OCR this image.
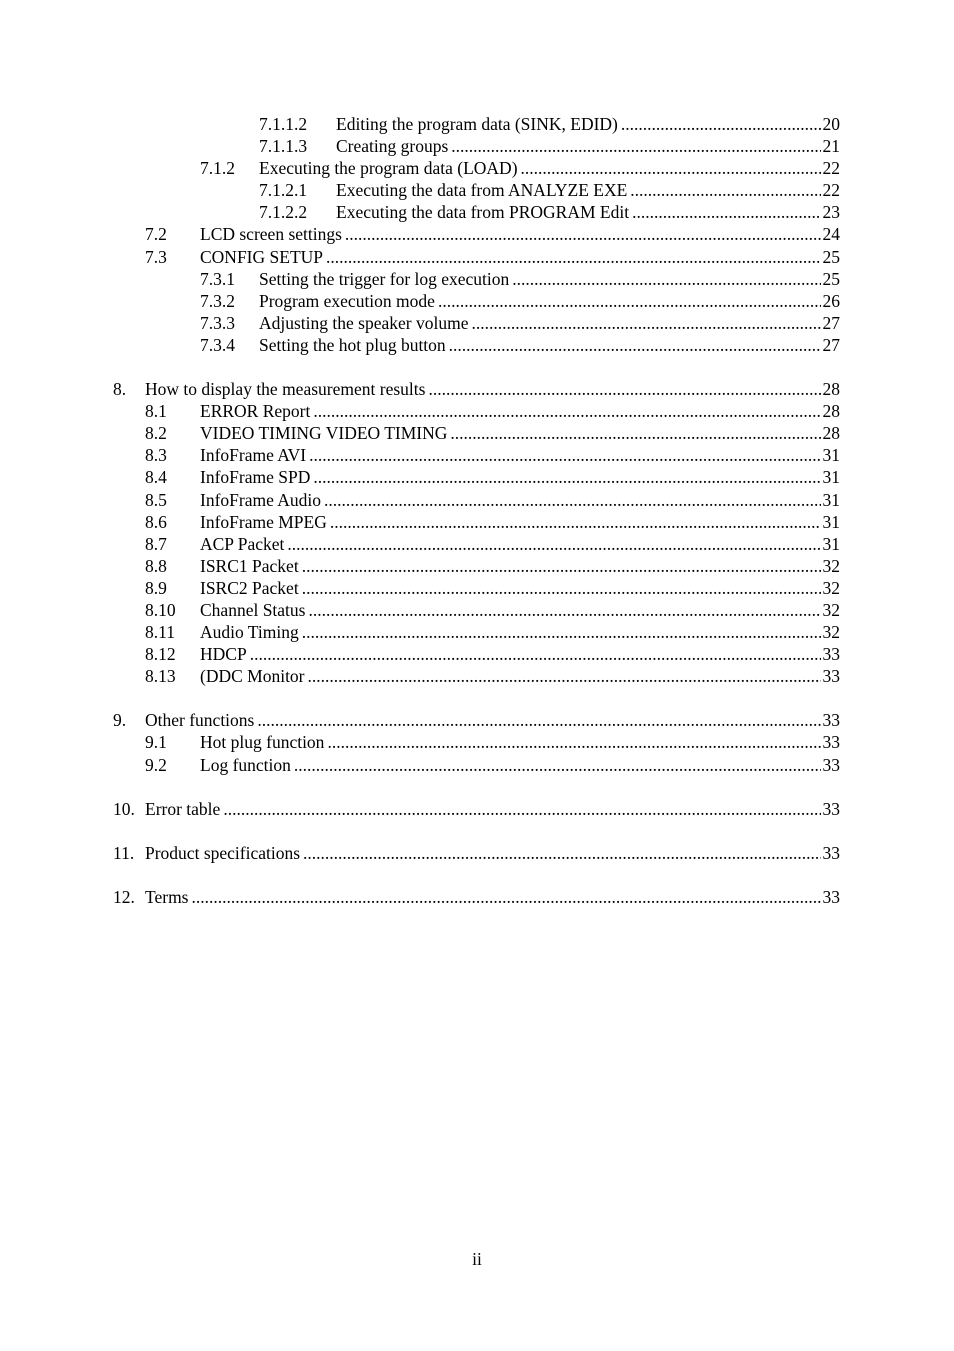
7.1.1.2 Editing the program data (SINK, EDID) .....	20
7.1.1.3 Creating groups .....	21
7.1.2 Executing the program data (LOAD) .....	22
7.1.2.1 Executing the data from ANALYZE EXE .....	22
7.1.2.2 Executing the data from PROGRAM Edit .....	23
7.2 LCD screen settings .....	24
7.3 CONFIG SETUP .....	25
7.3.1 Setting the trigger for log execution .....	25
7.3.2 Program execution mode .....	26
7.3.3 Adjusting the speaker volume .....	27
7.3.4 Setting the hot plug button .....	27
8. How to display the measurement results .....	28
8.1 ERROR Report .....	28
8.2 VIDEO TIMING VIDEO TIMING .....	28
8.3 InfoFrame AVI .....	31
8.4 InfoFrame SPD .....	31
8.5 InfoFrame Audio .....	31
8.6 InfoFrame MPEG .....	31
8.7 ACP Packet .....	31
8.8 ISRC1 Packet .....	32
8.9 ISRC2 Packet .....	32
8.10 Channel Status .....	32
8.11 Audio Timing .....	32
8.12 HDCP .....	33
8.13 (DDC Monitor .....	33
9. Other functions .....	33
9.1 Hot plug function .....	33
9.2 Log function .....	33
10. Error table .....	33
11. Product specifications .....	33
12. Terms .....	33
ii
